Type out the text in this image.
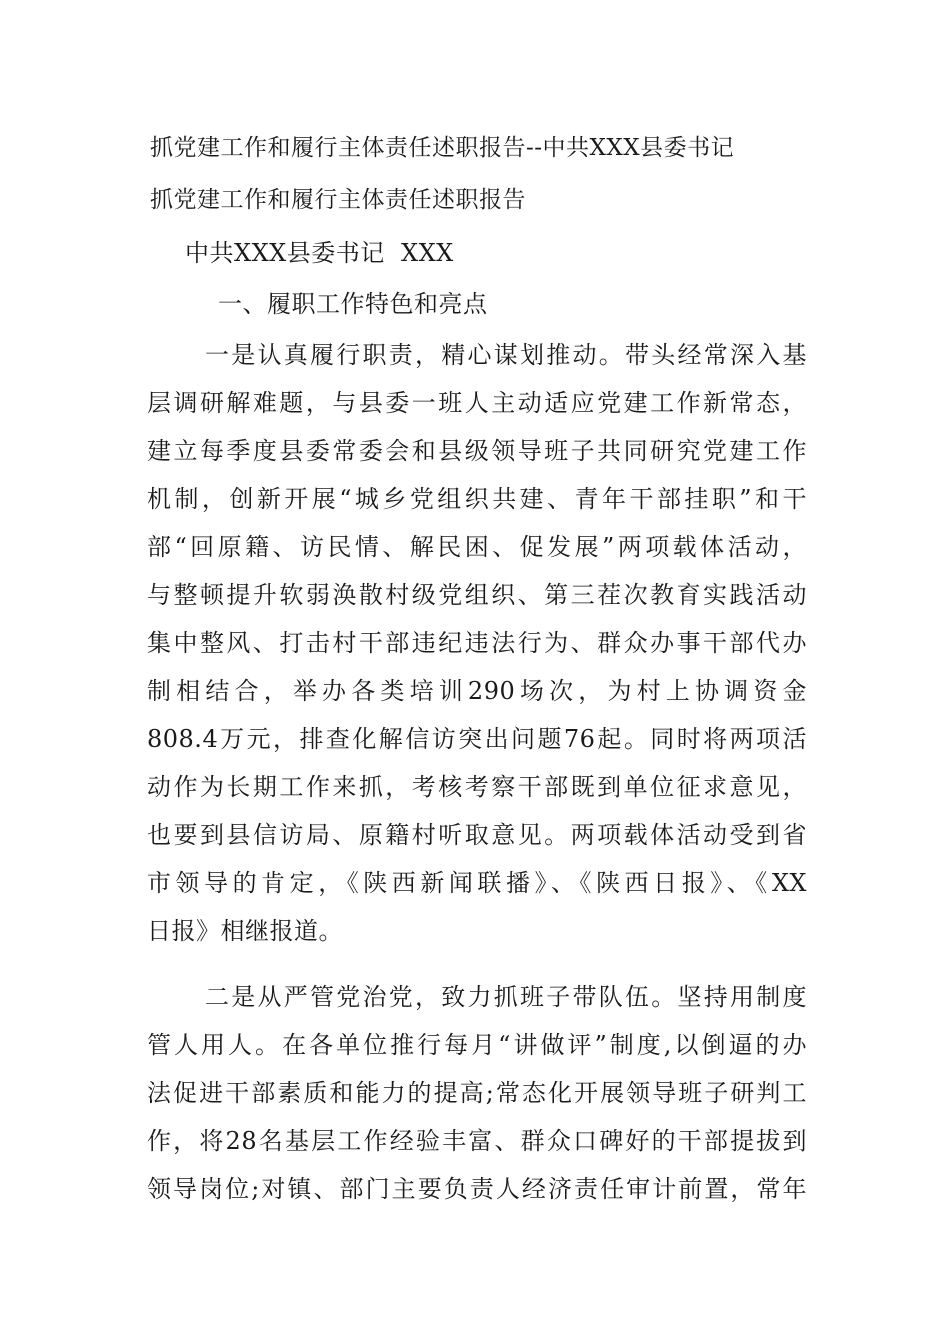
抓党建工作和履行主体责任述职报告--中共XXX县委书记
抓党建工作和履行主体责任述职报告
中共XXX县委书记  XXX
一、履职工作特色和亮点
一是认真履行职责，精心谋划推动。带头经常深入基
层调研解难题，与县委一班人主动适应党建工作新常态，
建立每季度县委常委会和县级领导班子共同研究党建工作
机制，创新开展“城乡党组织共建、青年干部挂职”和干
部“回原籍、访民情、解民困、促发展”两项载体活动，
与整顿提升软弱涣散村级党组织、第三茬次教育实践活动
集中整风、打击村干部违纪违法行为、群众办事干部代办
制相结合，举办各类培训290场次，为村上协调资金
808.4万元，排查化解信访突出问题76起。同时将两项活
动作为长期工作来抓，考核考察干部既到单位征求意见，
也要到县信访局、原籍村听取意见。两项载体活动受到省
市领导的肯定，《陕西新闻联播》、《陕西日报》、《XX
日报》相继报道。
二是从严管党治党，致力抓班子带队伍。坚持用制度
管人用人。在各单位推行每月“讲做评”制度,以倒逼的办
法促进干部素质和能力的提高;常态化开展领导班子研判工
作，将28名基层工作经验丰富、群众口碑好的干部提拔到
领导岗位;对镇、部门主要负责人经济责任审计前置，常年
